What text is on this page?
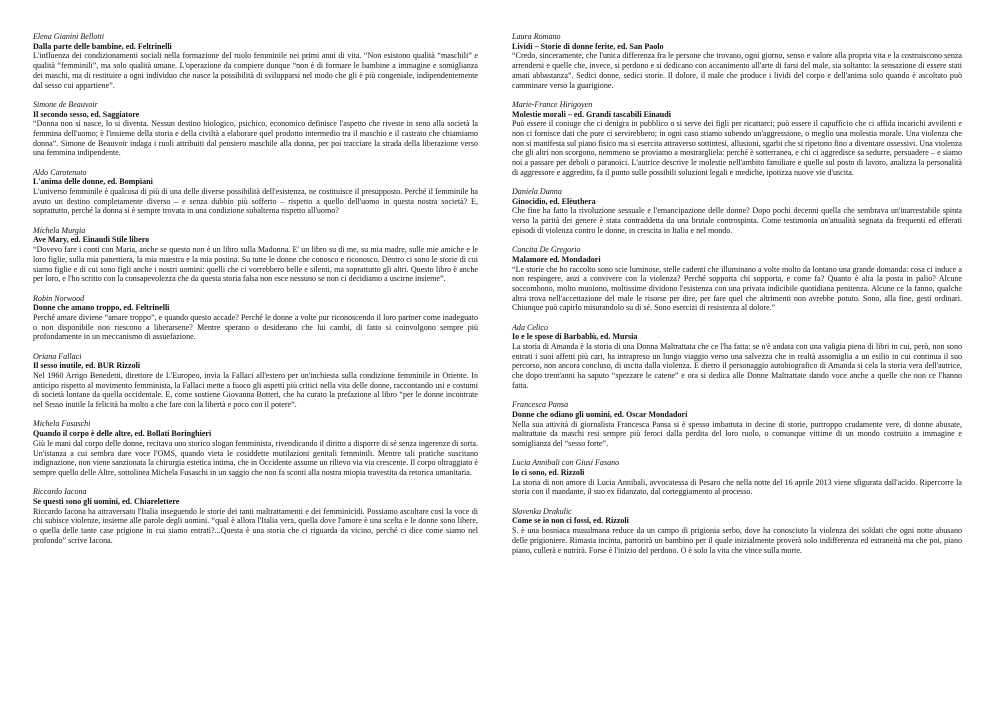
Elena Gianini Bellotti
Dalla parte delle bambine, ed. Feltrinelli
L'influenza dei condizionamenti sociali nella formazione del ruolo femminile nei primi anni di vita. “Non esistono qualità “maschili” e qualità “femminili”, ma solo qualità umane. L'operazione da compiere dunque “non è di formare le bambine a immagine e somiglianza dei maschi, ma di restituire a ogni individuo che nasce la possibilità di svilupparsi nel modo che gli è più congeniale, indipendentemente dal sesso cui appartiene”.
Simone de Beauvoir
Il secondo sesso, ed. Saggiatore
“Donna non si nasce, lo si diventa. Nessun destino biologico, psichico, economico definisce l'aspetto che riveste in seno alla società la femmina dell'uomo; è l'insieme della storia e della civiltà a elaborare quel prodotto intermedio tra il maschio e il castrato che chiamiamo donna”. Simone de Beauvoir indaga i ruoli attribuiti dal pensiero maschile alla donna, per poi tracciare la strada della liberazione verso una femmina indipendente.
Aldo Carotenuto
L'anima delle donne, ed. Bompiani
L'universo femminile è qualcosa di più di una delle diverse possibilità dell'esistenza, ne costituisce il presupposto. Perché il femminile ha avuto un destino completamente diverso – e senza dubbio più sofferto – rispetto a quello dell'uomo in questa nostra società? E, soprattutto, perché la donna si è sempre trovata in una condizione subalterna rispetto all'uomo?
Michela Murgia
Ave Mary, ed. Einaudi Stile libero
“Dovevo fare i conti con Maria, anche se questo non è un libro sulla Madonna. E' un libro su di me, su mia madre, sulle mie amiche e le loro figlie, sulla mia panettiera, la mia maestra e la mia postina. Su tutte le donne che conosco e riconosco. Dentro ci sono le storie di cui siamo figlie e di cui sono figli anche i nostri uomini: quelli che ci vorrebbero belle e silenti, ma soprattutto gli altri. Questo libro è anche per loro, e l'ho scritto con la consapevolezza che da questa storia falsa non esce nessuno se non ci decidiamo a uscirne insieme”.
Robin Norwood
Donne che amano troppo, ed. Feltrinelli
Perché amare diviene “amare troppo”, e quando questo accade? Perché le donne a volte pur riconoscendo il loro partner come inadeguato o non disponibile non riescono a liberarsene? Mentre sperano o desiderano che lui cambi, di fatto si coinvolgono sempre più profondamente in un meccanismo di assuefazione.
Oriana Fallaci
Il sesso inutile, ed. BUR Rizzoli
Nel 1960 Arrigo Benedetti, direttore de L'Europeo, invia la Fallaci all'estero per un'inchiesta sulla condizione femminile in Oriente. In anticipo rispetto al movimento femminista, la Fallaci mette a fuoco gli aspetti più critici nella vita delle donne, raccontando usi e costumi di società lontane da quella occidentale. E, come sostiene Giovanna Botteri, che ha curato la prefazione al libro “per le donne incontrate nel Sesso inutile la felicità ha molto a che fare con la libertà e poco con il potere”.
Michela Fusaschi
Quando il corpo è delle altre, ed. Bollati Boringhieri
Giù le mani dal corpo delle donne, recitava uno storico slogan femminista, rivendicando il diritto a disporre di sé senza ingerenze di sorta. Un'istanza a cui sembra dare voce l'OMS, quando vieta le cosiddette mutilazioni genitali femminili. Mentre tali pratiche suscitano indignazione, non viene sanzionata la chirurgia estetica intima, che in Occidente assume un rilievo via via crescente. Il corpo oltraggiato è sempre quello delle Altre, sottolinea Michela Fusaschi in un saggio che non fa sconti alla nostra miopia travestita da retorica umanitaria.
Riccardo Iacona
Se questi sono gli uomini, ed. Chiarelettere
Riccardo Iacona ha attraversato l'Italia inseguendo le storie dei tanti maltrattamenti e dei femminicidi. Possiamo ascoltare così la voce di chi subisce violenze, insieme alle parole degli uomini. “qual è allora l'Italia vera, quella dove l'amore è una scelta e le donne sono libere, o quella delle tante case prigione in cui siamo entrati?...Questa è una storia che ci riguarda da vicino, perché ci dice come siamo nel profondo” scrive Iacona.
Laura Romano
Lividi – Storie di donne ferite, ed. San Paolo
“Credo, sinceramente, che l'unica differenza fra le persone che trovano, ogni giorno, senso e valore alla propria vita e la costruiscono senza arrendersi e quelle che, invece, si perdono e si dedicano con accanimento all'arte di farsi del male, sia soltanto: la sensazione di essere stati amati abbastanza”. Sedici donne, sedici storie. Il dolore, il male che produce i lividi del corpo e dell'anima solo quando è ascoltato può camminare verso la guarigione.
Marie-France Hirigoyen
Molestie morali – ed. Grandi tascabili Einaudi
Può essere il coniuge che ci denigra in pubblico o si serve dei figli per ricattarci; può essere il capufficio che ci affida incarichi avvilenti e non ci fornisce dati che pure ci servirebbero; in ogni caso stiamo subendo un'aggressione, o meglio una molestia morale. Una violenza che non si manifesta sul piano fisico ma si esercita attraverso sottintesi, allusioni, sgarbi che si ripetono fino a diventare ossessivi. Una violenza che gli altri non scorgono, nemmeno se proviamo a mostrargliela: perché è sotterranea, e chi ci aggredisce sa sedurre, persuadere – e siamo noi a passare per deboli o paranoici. L'autrice descrive le molestie nell'ambito familiare e quelle sul posto di lavoro, analizza la personalità di aggressore e aggredito, fa il punto sulle possibili soluzioni legali e mediche, ipotizza nuove vie d'uscita.
Daniela Danna
Ginocidio, ed. Elèuthera
Che fine ha fatto la rivoluzione sessuale e l'emancipazione delle donne? Dopo pochi decenni quella che sembrava un'inarrestabile spinta verso la parità dei genere è stata contraddetta da una brutale controspinta. Come testimonia un'attualità segnata da frequenti ed efferati episodi di violenza contro le donne, in crescita in Italia e nel mondo.
Concita De Gregorio
Malamore ed. Mondadori
“Le storie che ho raccolto sono scie luminose, stelle cadenti che illuminano a volte molto da lontano una grande domanda: cosa ci induce a non respingere, anzi a convivere con la violenza? Perché sopporta chi sopporta, e come fa? Quanto è alta la posta in palio? Alcune soccombono, molto muoiono, moltissime dividono l'esistenza con una privata indicibile quotidiana penitenza. Alcune ce la fanno, qualche altra trova nell'accettazione del male le risorse per dire, per fare quel che altrimenti non avrebbe potuto. Sono, alla fine, gesti ordinari. Chiunque può capirlo misurandolo su di sé. Sono esercizi di resistenza al dolore.”
Ada Celico
Io e le spose di Barbablù, ed. Mursia
La storia di Amanda è la storia di una Donna Maltrattata che ce l'ha fatta: se n'è andata con una valigia piena di libri in cui, però, non sono entrati i suoi affetti più cari, ha intrapreso un lungo viaggio verso una salvezza che in realtà assomiglia a un esilio in cui continua il suo percorso, non ancora concluso, di uscita dalla violenza. E dietro il personaggio autobiografico di Amanda si cela la storia vera dell'autrice, che dopo trent'anni ha saputo “spezzare le catene” e ora si dedica alle Donne Maltrattate dando voce anche a quelle che non ce l'hanno fatta.
Francesca Pansa
Donne che odiano gli uomini, ed. Oscar Mondadori
Nella sua attività di giornalista Francesca Pansa si è spesso imbattuta in decine di storie, purtroppo crudamente vere, di donne abusate, maltrattate da maschi resi sempre più feroci dalla perdita del loro ruolo, o comunque vittime di un mondo costruito a immagine e somiglianza del “sesso forte”.
Lucia Annibali con Giusi Fasano
Io ci sono, ed. Rizzoli
La storia di non amore di Lucia Annibali, avvocatessa di Pesaro che nella notte del 16 aprile 2013 viene sfigurata dall'acido. Ripercorre la storia con il mandante, il suo ex fidanzato, dal corteggiamento al processo.
Slavenka Drakulic
Come se io non ci fossi, ed. Rizzoli
S. è una bosniaca musulmana reduce da un campo di prigionia serbo, dove ha conosciuto la violenza dei soldati che ogni notte abusano delle prigioniere. Rimasta incinta, partorirà un bambino per il quale inizialmente proverà solo indifferenza ed estraneità ma che poi, piano piano, cullerà e nutrirà. Forse è l'inizio del perdono. O è solo la vita che vince sulla morte.
